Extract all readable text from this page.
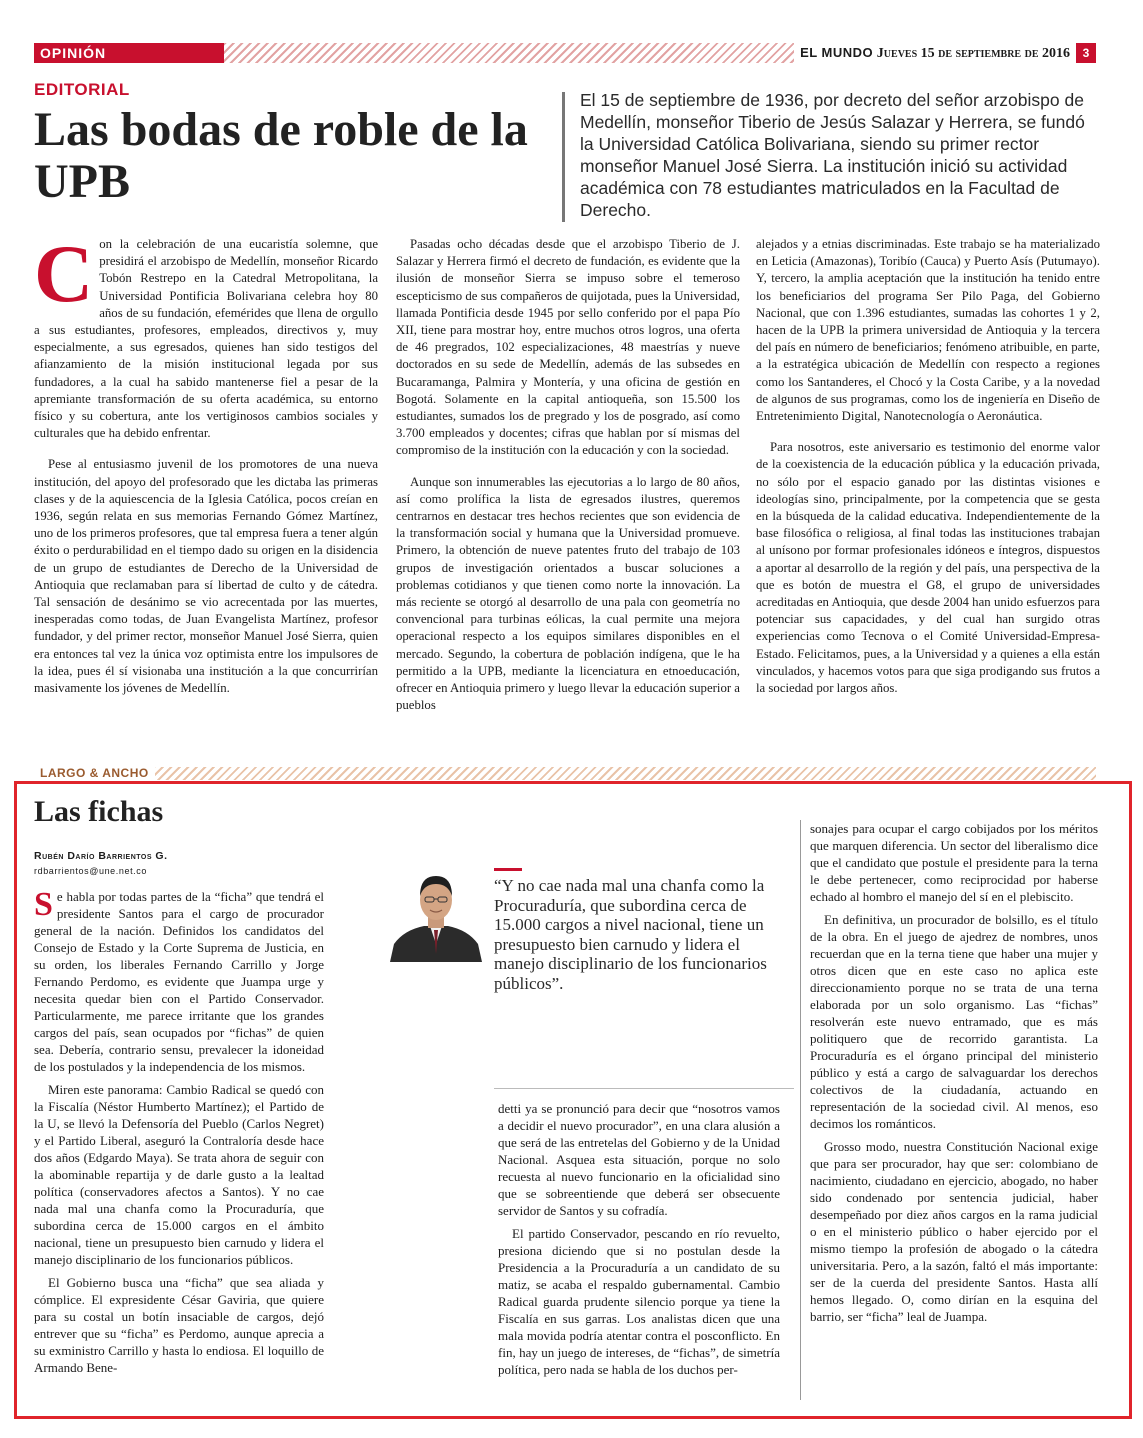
OPINIÓN	EL MUNDO Jueves 15 de septiembre de 2016	3
EDITORIAL
Las bodas de roble de la UPB
El 15 de septiembre de 1936, por decreto del señor arzobispo de Medellín, monseñor Tiberio de Jesús Salazar y Herrera, se fundó la Universidad Católica Bolivariana, siendo su primer rector monseñor Manuel José Sierra. La institución inició su actividad académica con 78 estudiantes matriculados en la Facultad de Derecho.

Con la celebración de una eucaristía solemne, que presidirá el arzobispo de Medellín, monseñor Ricardo Tobón Restrepo en la Catedral Metropolitana, la Universidad Pontificia Bolivariana celebra hoy 80 años de su fundación, efemérides que llena de orgullo a sus estudiantes, profesores, empleados, directivos y, muy especialmente, a sus egresados, quienes han sido testigos del afianzamiento de la misión institucional legada por sus fundadores, a la cual ha sabido mantenerse fiel a pesar de la apremiante transformación de su oferta académica, su entorno físico y su cobertura, ante los vertiginosos cambios sociales y culturales que ha debido enfrentar.

Pese al entusiasmo juvenil de los promotores de una nueva institución, del apoyo del profesorado que les dictaba las primeras clases y de la aquiescencia de la Iglesia Católica, pocos creían en 1936, según relata en sus memorias Fernando Gómez Martínez, uno de los primeros profesores, que tal empresa fuera a tener algún éxito o perdurabilidad en el tiempo dado su origen en la disidencia de un grupo de estudiantes de Derecho de la Universidad de Antioquia que reclamaban para sí libertad de culto y de cátedra. Tal sensación de desánimo se vio acrecentada por las muertes, inesperadas como todas, de Juan Evangelista Martínez, profesor fundador, y del primer rector, monseñor Manuel José Sierra, quien era entonces tal vez la única voz optimista entre los impulsores de la idea, pues él sí visionaba una institución a la que concurrirían masivamente los jóvenes de Medellín.

Pasadas ocho décadas desde que el arzobispo Tiberio de J. Salazar y Herrera firmó el decreto de fundación, es evidente que la ilusión de monseñor Sierra se impuso sobre el temeroso escepticismo de sus compañeros de quijotada, pues la Universidad, llamada Pontificia desde 1945 por sello conferido por el papa Pío XII, tiene para mostrar hoy, entre muchos otros logros, una oferta de 46 pregrados, 102 especializaciones, 48 maestrías y nueve doctorados en su sede de Medellín, además de las subsedes en Bucaramanga, Palmira y Montería, y una oficina de gestión en Bogotá. Solamente en la capital antioqueña, son 15.500 los estudiantes, sumados los de pregrado y los de posgrado, así como 3.700 empleados y docentes; cifras que hablan por sí mismas del compromiso de la institución con la educación y con la sociedad.

Aunque son innumerables las ejecutorias a lo largo de 80 años, así como prolífica la lista de egresados ilustres, queremos centrarnos en destacar tres hechos recientes que son evidencia de la transformación social y humana que la Universidad promueve. Primero, la obtención de nueve patentes fruto del trabajo de 103 grupos de investigación orientados a buscar soluciones a problemas cotidianos y que tienen como norte la innovación. La más reciente se otorgó al desarrollo de una pala con geometría no convencional para turbinas eólicas, la cual permite una mejora operacional respecto a los equipos similares disponibles en el mercado. Segundo, la cobertura de población indígena, que le ha permitido a la UPB, mediante la licenciatura en etnoeducación, ofrecer en Antioquia primero y luego llevar la educación superior a pueblos

alejados y a etnias discriminadas. Este trabajo se ha materializado en Leticia (Amazonas), Toribío (Cauca) y Puerto Asís (Putumayo). Y, tercero, la amplia aceptación que la institución ha tenido entre los beneficiarios del programa Ser Pilo Paga, del Gobierno Nacional, que con 1.396 estudiantes, sumadas las cohortes 1 y 2, hacen de la UPB la primera universidad de Antioquia y la tercera del país en número de beneficiarios; fenómeno atribuible, en parte, a la estratégica ubicación de Medellín con respecto a regiones como los Santanderes, el Chocó y la Costa Caribe, y a la novedad de algunos de sus programas, como los de ingeniería en Diseño de Entretenimiento Digital, Nanotecnología o Aeronáutica.

Para nosotros, este aniversario es testimonio del enorme valor de la coexistencia de la educación pública y la educación privada, no sólo por el espacio ganado por las distintas visiones e ideologías sino, principalmente, por la competencia que se gesta en la búsqueda de la calidad educativa. Independientemente de la base filosófica o religiosa, al final todas las instituciones trabajan al unísono por formar profesionales idóneos e íntegros, dispuestos a aportar al desarrollo de la región y del país, una perspectiva de la que es botón de muestra el G8, el grupo de universidades acreditadas en Antioquia, que desde 2004 han unido esfuerzos para potenciar sus capacidades, y del cual han surgido otras experiencias como Tecnova o el Comité Universidad-Empresa-Estado. Felicitamos, pues, a la Universidad y a quienes a ella están vinculados, y hacemos votos para que siga prodigando sus frutos a la sociedad por largos años.

LARGO & ANCHO
Las fichas
Rubén Darío Barrientos G.
rdbarrientos@une.net.co

Se habla por todas partes de la “ficha” que tendrá el presidente Santos para el cargo de procurador general de la nación. Definidos los candidatos del Consejo de Estado y la Corte Suprema de Justicia, en su orden, los liberales Fernando Carrillo y Jorge Fernando Perdomo, es evidente que Juampa urge y necesita quedar bien con el Partido Conservador. Particularmente, me parece irritante que los grandes cargos del país, sean ocupados por “fichas” de quien sea. Debería, contrario sensu, prevalecer la idoneidad de los postulados y la independencia de los mismos.

Miren este panorama: Cambio Radical se quedó con la Fiscalía (Néstor Humberto Martínez); el Partido de la U, se llevó la Defensoría del Pueblo (Carlos Negret) y el Partido Liberal, aseguró la Contraloría desde hace dos años (Edgardo Maya). Se trata ahora de seguir con la abominable repartija y de darle gusto a la lealtad política (conservadores afectos a Santos). Y no cae nada mal una chanfa como la Procuraduría, que subordina cerca de 15.000 cargos en el ámbito nacional, tiene un presupuesto bien carnudo y lidera el manejo disciplinario de los funcionarios públicos.

El Gobierno busca una “ficha” que sea aliada y cómplice. El expresidente César Gaviria, que quiere para su costal un botín insaciable de cargos, dejó entrever que su “ficha” es Perdomo, aunque aprecia a su exministro Carrillo y hasta lo endiosa. El loquillo de Armando Bene-

“Y no cae nada mal una chanfa como la Procuraduría, que subordina cerca de 15.000 cargos a nivel nacional, tiene un presupuesto bien carnudo y lidera el manejo disciplinario de los funcionarios públicos”.

detti ya se pronunció para decir que “nosotros vamos a decidir el nuevo procurador”, en una clara alusión a que será de las entretelas del Gobierno y de la Unidad Nacional. Asquea esta situación, porque no solo recuesta al nuevo funcionario en la oficialidad sino que se sobreentiende que deberá ser obsecuente servidor de Santos y su cofradía.

El partido Conservador, pescando en río revuelto, presiona diciendo que si no postulan desde la Presidencia a la Procuraduría a un candidato de su matiz, se acaba el respaldo gubernamental. Cambio Radical guarda prudente silencio porque ya tiene la Fiscalía en sus garras. Los analistas dicen que una mala movida podría atentar contra el posconflicto. En fin, hay un juego de intereses, de “fichas”, de simetría política, pero nada se habla de los duchos per-

sonajes para ocupar el cargo cobijados por los méritos que marquen diferencia. Un sector del liberalismo dice que el candidato que postule el presidente para la terna le debe pertenecer, como reciprocidad por haberse echado al hombro el manejo del sí en el plebiscito.

En definitiva, un procurador de bolsillo, es el título de la obra. En el juego de ajedrez de nombres, unos recuerdan que en la terna tiene que haber una mujer y otros dicen que en este caso no aplica este direccionamiento porque no se trata de una terna elaborada por un solo organismo. Las “fichas” resolverán este nuevo entramado, que es más politiquero que de recorrido garantista. La Procuraduría es el órgano principal del ministerio público y está a cargo de salvaguardar los derechos colectivos de la ciudadanía, actuando en representación de la sociedad civil. Al menos, eso decimos los románticos.

Grosso modo, nuestra Constitución Nacional exige que para ser procurador, hay que ser: colombiano de nacimiento, ciudadano en ejercicio, abogado, no haber sido condenado por sentencia judicial, haber desempeñado por diez años cargos en la rama judicial o en el ministerio público o haber ejercido por el mismo tiempo la profesión de abogado o la cátedra universitaria. Pero, a la sazón, faltó el más importante: ser de la cuerda del presidente Santos. Hasta allí hemos llegado. O, como dirían en la esquina del barrio, ser “ficha” leal de Juampa.
